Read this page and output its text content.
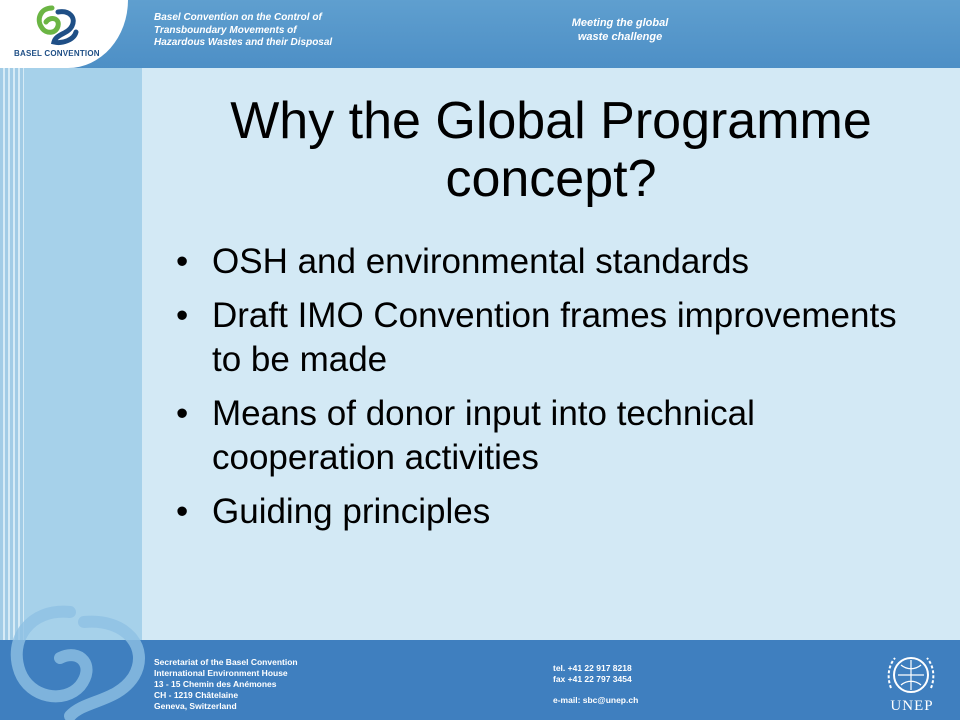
BASEL CONVENTION
Basel Convention on the Control of
Transboundary Movements of
Hazardous Wastes and their Disposal
Meeting the global
waste challenge
Why the Global Programme
concept?
• OSH and environmental standards
• Draft IMO Convention frames improvements to be made
• Means of donor input into technical cooperation activities
• Guiding principles
Secretariat of the Basel Convention
International Environment House
13 - 15 Chemin des Anémones
CH - 1219 Châtelaine
Geneva, Switzerland
tel. +41 22 917 8218
fax +41 22 797 3454
e-mail: sbc@unep.ch	UNEP
